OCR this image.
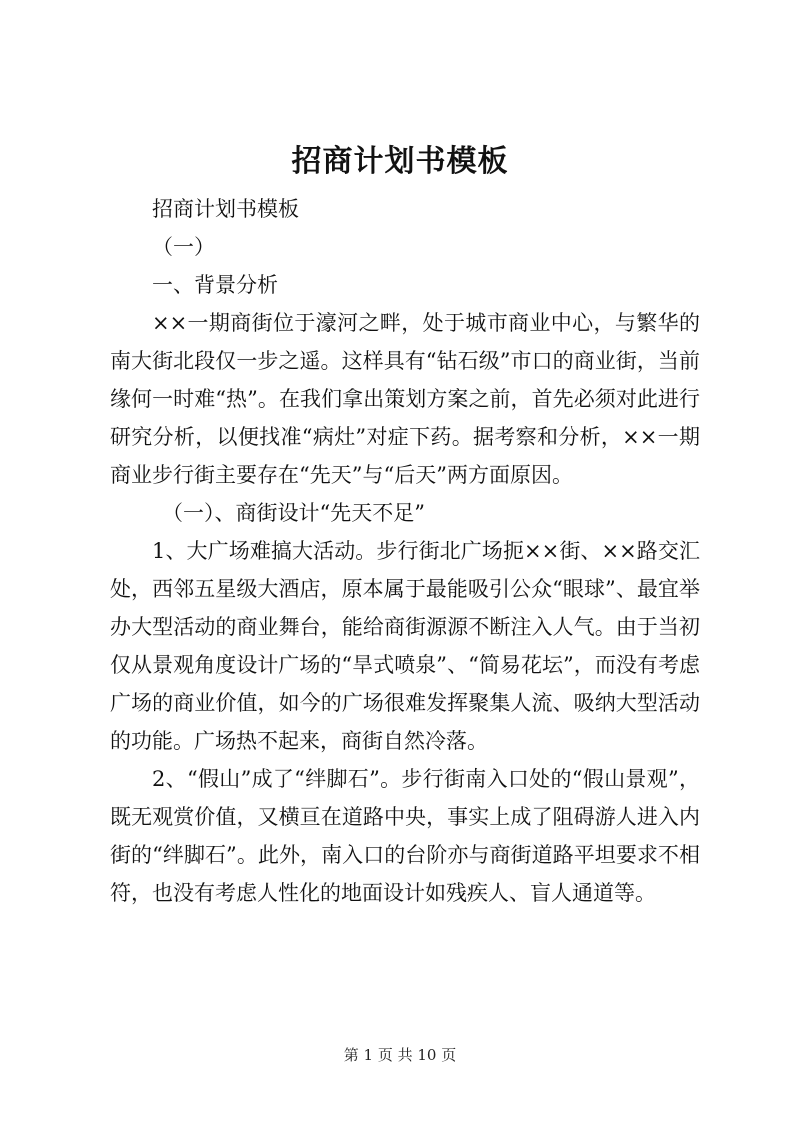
招商计划书模板

招商计划书模板

（一）

一、背景分析

××一期商街位于濠河之畔，处于城市商业中心，与繁华的南大街北段仅一步之遥。这样具有“钻石级”市口的商业街，当前缘何一时难“热”。在我们拿出策划方案之前，首先必须对此进行研究分析，以便找准“病灶”对症下药。据考察和分析，××一期商业步行街主要存在“先天”与“后天”两方面原因。

（一）、商街设计“先天不足”

1、大广场难搞大活动。步行街北广场扼××街、××路交汇处，西邻五星级大酒店，原本属于最能吸引公众“眼球”、最宜举办大型活动的商业舞台，能给商街源源不断注入人气。由于当初仅从景观角度设计广场的“旱式喷泉”、“简易花坛”，而没有考虑广场的商业价值，如今的广场很难发挥聚集人流、吸纳大型活动的功能。广场热不起来，商街自然冷落。

2、“假山”成了“绊脚石”。步行街南入口处的“假山景观”，既无观赏价值，又横亘在道路中央，事实上成了阻碍游人进入内街的“绊脚石”。此外，南入口的台阶亦与商街道路平坦要求不相符，也没有考虑人性化的地面设计如残疾人、盲人通道等。

第 1 页 共 10 页
